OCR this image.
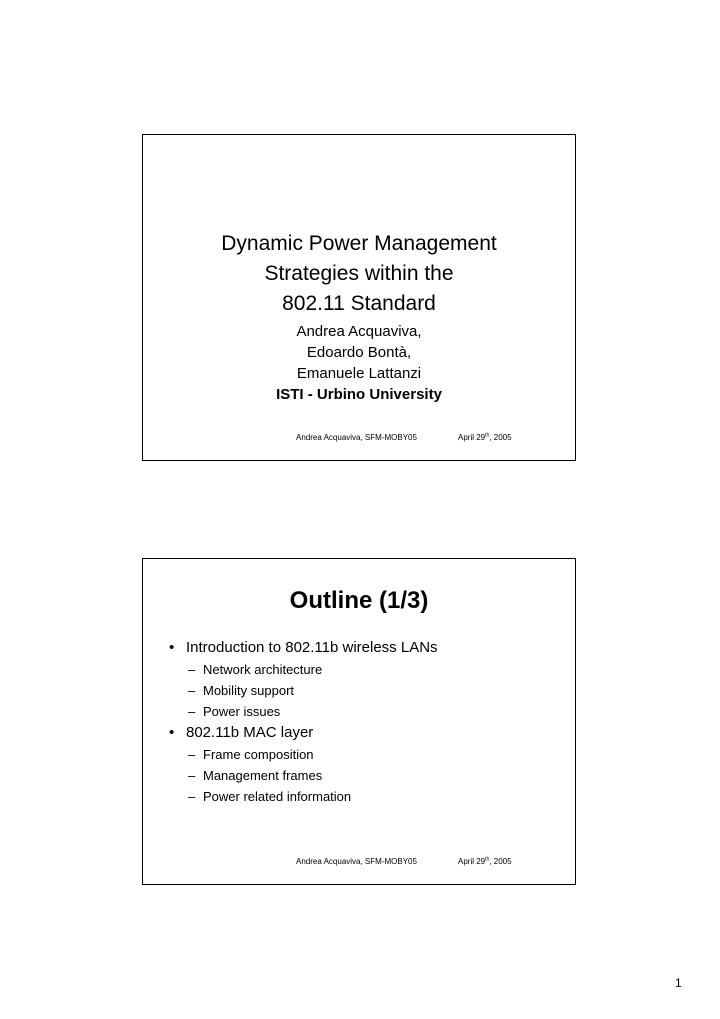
Dynamic Power Management
Strategies within the
802.11 Standard
Andrea Acquaviva,
Edoardo Bontà,
Emanuele Lattanzi
ISTI - Urbino University
Andrea Acquaviva, SFM-MOBY05	April 29th, 2005
Outline (1/3)
• Introduction to 802.11b wireless LANs
– Network architecture
– Mobility support
– Power issues
• 802.11b MAC layer
– Frame composition
– Management frames
– Power related information
Andrea Acquaviva, SFM-MOBY05	April 29th, 2005
1
